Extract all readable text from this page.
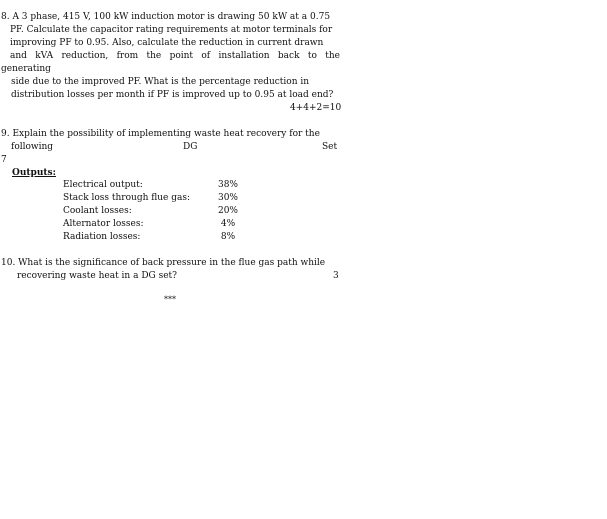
8. A 3 phase, 415 V, 100 kW induction motor is drawing 50 kW at a 0.75
PF. Calculate the capacitor rating requirements at motor terminals for
improving PF to 0.95. Also, calculate the reduction in current drawn
and kVA reduction, from the point of installation back to the
generating
side due to the improved PF. What is the percentage reduction in
distribution losses per month if PF is improved up to 0.95 at load end?
4+4+2=10
9. Explain the possibility of implementing waste heat recovery for the
following	DG	Set
7
Outputs:
Electrical output:	38%
Stack loss through flue gas:	30%
Coolant losses:	20%
Alternator losses:	4%
Radiation losses:	8%
10. What is the significance of back pressure in the flue gas path while
recovering waste heat in a DG set?	3
***
